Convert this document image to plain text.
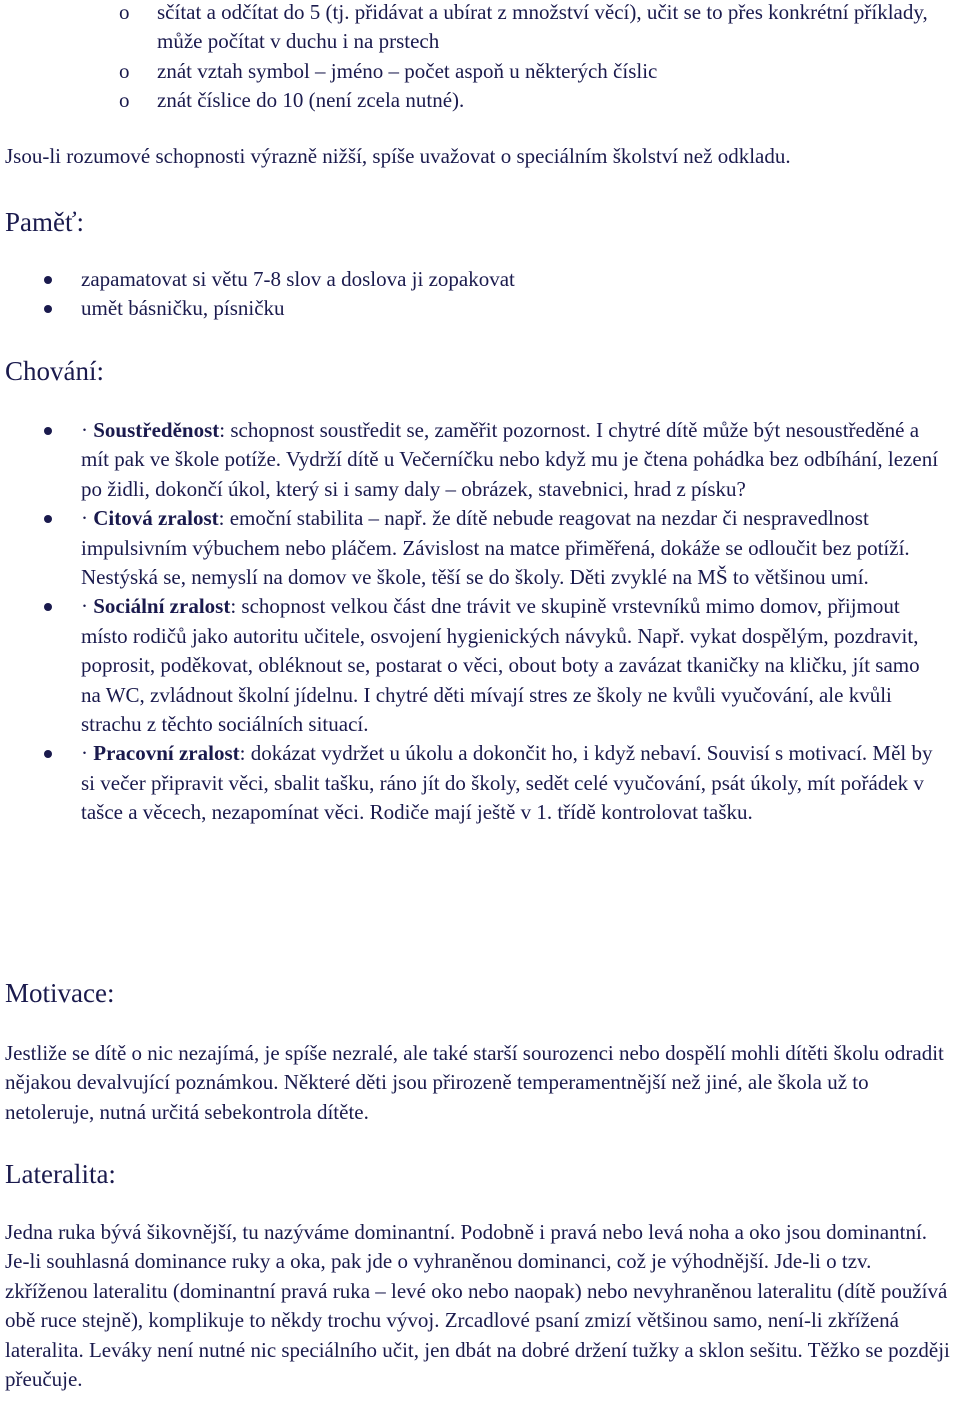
o sčítat a odčítat do 5 (tj. přidávat a ubírat z množství věcí), učit se to přes konkrétní příklady, může počítat v duchu i na prstech
o znát vztah symbol – jméno – počet aspoň u některých číslic
o znát číslice do 10 (není zcela nutné).
Jsou-li rozumové schopnosti výrazně nižší, spíše uvažovat o speciálním školství než odkladu.
Paměť:
zapamatovat si větu 7-8 slov a doslova ji zopakovat
umět básničku, písničku
Chování:
· Soustředěnost: schopnost soustředit se, zaměřit pozornost. I chytré dítě může být nesoustředěné a mít pak ve škole potíže. Vydrží dítě u Večerníčku nebo když mu je čtena pohádka bez odbíhání, lezení po židli, dokončí úkol, který si i samy daly – obrázek, stavebnici, hrad z písku?
· Citová zralost: emoční stabilita – např. že dítě nebude reagovat na nezdar či nespravedlnost impulsivním výbuchem nebo pláčem. Závislost na matce přiměřená, dokáže se odloučit bez potíží. Nestýská se, nemyslí na domov ve škole, těší se do školy. Děti zvyklé na MŠ to většinou umí.
· Sociální zralost: schopnost velkou část dne trávit ve skupině vrstevníků mimo domov, přijmout místo rodičů jako autoritu učitele, osvojení hygienických návyků. Např. vykat dospělým, pozdravit, poprosit, poděkovat, obléknout se, postarat o věci, obout boty a zavázat tkaničky na kličku, jít samo na WC, zvládnout školní jídelnu. I chytré děti mívají stres ze školy ne kvůli vyučování, ale kvůli strachu z těchto sociálních situací.
· Pracovní zralost: dokázat vydržet u úkolu a dokončit ho, i když nebaví. Souvisí s motivací. Měl by si večer připravit věci, sbalit tašku, ráno jít do školy, sedět celé vyučování, psát úkoly, mít pořádek v tašce a věcech, nezapomínat věci. Rodiče mají ještě v 1. třídě kontrolovat tašku.
Motivace:
Jestliže se dítě o nic nezajímá, je spíše nezralé, ale také starší sourozenci nebo dospělí mohli dítěti školu odradit nějakou devalvující poznámkou. Některé děti jsou přirozeně temperamentnější než jiné, ale škola už to netoleruje, nutná určitá sebekontrola dítěte.
Lateralita:
Jedna ruka bývá šikovnější, tu nazýváme dominantní. Podobně i pravá nebo levá noha a oko jsou dominantní. Je-li souhlasná dominance ruky a oka, pak jde o vyhraněnou dominanci, což je výhodnější. Jde-li o tzv. zkříženou lateralitu (dominantní pravá ruka – levé oko nebo naopak) nebo nevyhraněnou lateralitu (dítě používá obě ruce stejně), komplikuje to někdy trochu vývoj. Zrcadlové psaní zmizí většinou samo, není-li zkřížená lateralita. Leváky není nutné nic speciálního učit, jen dbát na dobré držení tužky a sklon sešitu. Těžko se později přeučuje.
